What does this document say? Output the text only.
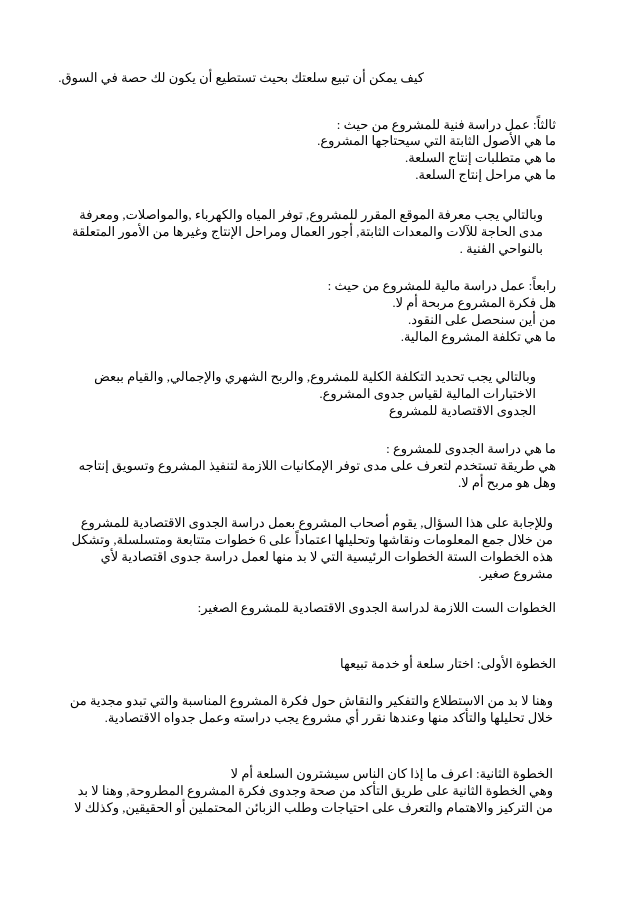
كيف يمكن أن تبيع سلعتك بحيث تستطيع أن يكون لك حصة في السوق.
ثالثاً: عمل دراسة فنية للمشروع من حيث :
ما هي الأصول الثابتة التي سيحتاجها المشروع.
ما هي متطلبات إنتاج السلعة.
ما هي مراحل إنتاج السلعة.
وبالتالي يجب معرفة الموقع المقرر للمشروع, توفر المياه والكهرباء ,والمواصلات, ومعرفة
مدى الحاجة للآلات والمعدات الثابتة, أجور العمال ومراحل الإنتاج وغيرها من الأمور المتعلقة
بالنواحي الفنية .
رابعاً: عمل دراسة مالية للمشروع من حيث :
هل فكرة المشروع مربحة أم لا.
من أين سنحصل على النقود.
ما هي تكلفة المشروع المالية.
وبالتالي يجب تحديد التكلفة الكلية للمشروع, والربح الشهري والإجمالي, والقيام ببعض
الاختبارات المالية لقياس جدوى المشروع.
الجدوى الاقتصادية للمشروع
ما هي دراسة الجدوى للمشروع :
هي طريقة تستخدم لتعرف على مدى توفر الإمكانيات اللازمة لتنفيذ المشروع وتسويق إنتاجه
وهل هو مربح أم لا.
وللإجابة على هذا السؤال, يقوم أصحاب المشروع بعمل دراسة الجدوى الاقتصادية للمشروع
من خلال جمع المعلومات ونقاشها وتحليلها اعتماداً على 6 خطوات متتابعة ومتسلسلة, وتشكل
هذه الخطوات الستة الخطوات الرئيسية التي لا بد منها لعمل دراسة جدوى اقتصادية لأي
مشروع صغير.
الخطوات الست اللازمة لدراسة الجدوى الاقتصادية للمشروع الصغير:
الخطوة الأولى: اختار سلعة أو خدمة تبيعها
وهنا لا بد من الاستطلاع والتفكير والنقاش حول فكرة المشروع المناسبة والتي تبدو مجدية من
خلال تحليلها والتأكد منها وعندها نقرر أي مشروع يجب دراسته وعمل جدواه الاقتصادية.
الخطوة الثانية: اعرف ما إذا كان الناس سيشترون السلعة أم لا
وهي الخطوة الثانية على طريق التأكد من صحة وجدوى فكرة المشروع المطروحة, وهنا لا بد
من التركيز والاهتمام والتعرف على احتياجات وطلب الزبائن المحتملين أو الحقيقين, وكذلك لا
